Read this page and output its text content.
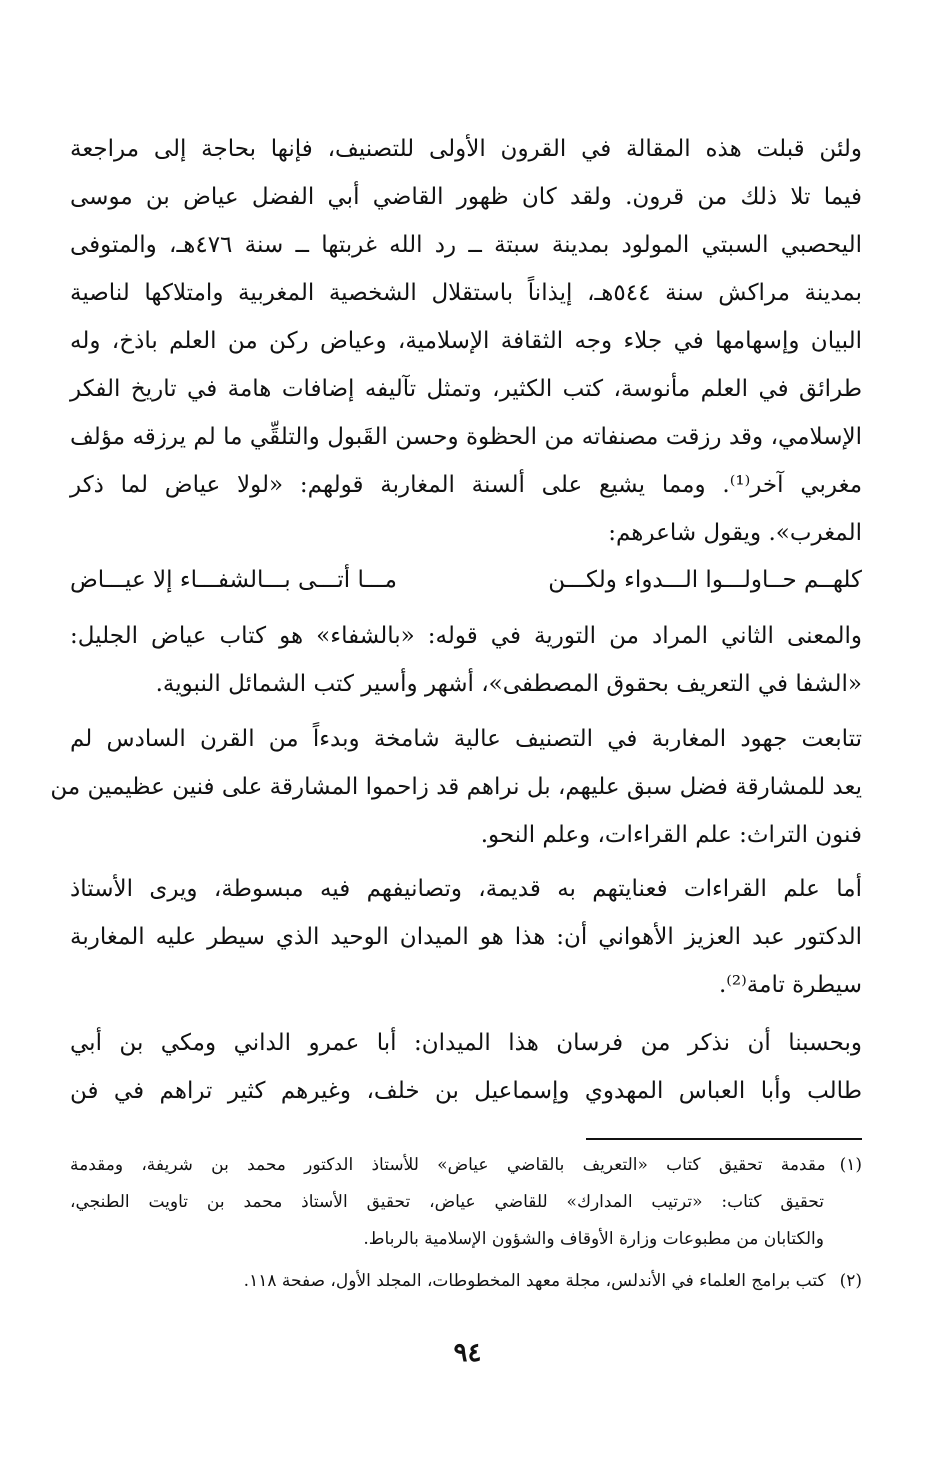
ولئن قبلت هذه المقالة في القرون الأولى للتصنيف، فإنها بحاجة إلى مراجعة
فيما تلا ذلك من قرون. ولقد كان ظهور القاضي أبي الفضل عياض بن موسى
اليحصبي السبتي المولود بمدينة سبتة ــ رد الله غربتها ــ سنة ٤٧٦هـ، والمتوفى
بمدينة مراكش سنة ٥٤٤هـ، إيذاناً باستقلال الشخصية المغربية وامتلاكها لناصية
البيان وإسهامها في جلاء وجه الثقافة الإسلامية، وعياض ركن من العلم باذخ، وله
طرائق في العلم مأنوسة، كتب الكثير، وتمثل تآليفه إضافات هامة في تاريخ الفكر
الإسلامي، وقد رزقت مصنفاته من الحظوة وحسن القَبول والتلقِّي ما لم يرزقه مؤلف
مغربي آخر⁽¹⁾. ومما يشيع على ألسنة المغاربة قولهم: «لولا عياض لما ذكر
المغرب». ويقول شاعرهم:
والمعنى الثاني المراد من التورية في قوله: «بالشفاء» هو كتاب عياض الجليل:
«الشفا في التعريف بحقوق المصطفى»، أشهر وأسير كتب الشمائل النبوية.
تتابعت جهود المغاربة في التصنيف عالية شامخة وبدءاً من القرن السادس لم
يعد للمشارقة فضل سبق عليهم، بل نراهم قد زاحموا المشارقة على فنين عظيمين من
فنون التراث: علم القراءات، وعلم النحو.
أما علم القراءات فعنايتهم به قديمة، وتصانيفهم فيه مبسوطة، ويرى الأستاذ
الدكتور عبد العزيز الأهواني أن: هذا هو الميدان الوحيد الذي سيطر عليه المغاربة
سيطرة تامة⁽²⁾.
وبحسبنا أن نذكر من فرسان هذا الميدان: أبا عمرو الداني ومكي بن أبي
طالب وأبا العباس المهدوي وإسماعيل بن خلف، وغيرهم كثير تراهم في فن
كلهــم حــاولـــوا الـــدواء ولكـــن
مـــا أتـــى بـــالشفـــاء إلا عيـــاض
(١)مقدمة تحقيق كتاب «التعريف بالقاضي عياض» للأستاذ الدكتور محمد بن شريفة، ومقدمة
تحقيق كتاب: «ترتيب المدارك» للقاضي عياض، تحقيق الأستاذ محمد بن تاويت الطنجي،
والكتابان من مطبوعات وزارة الأوقاف والشؤون الإسلامية بالرباط.
(٢)كتب برامج العلماء في الأندلس، مجلة معهد المخطوطات، المجلد الأول، صفحة ١١٨.
٩٤
